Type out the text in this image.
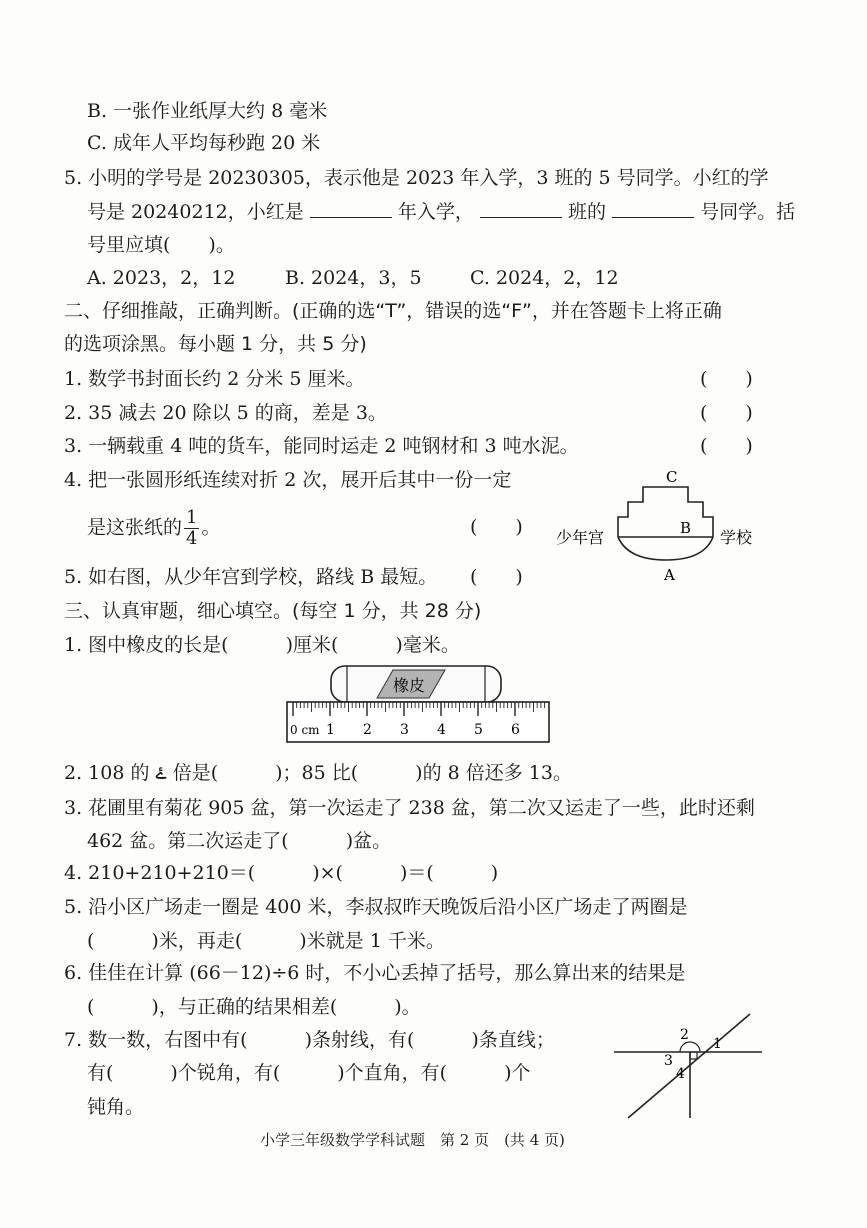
B. 一张作业纸厚大约 8 毫米
C. 成年人平均每秒跑 20 米
5. 小明的学号是 20230305，表示他是 2023 年入学，3 班的 5 号同学。小红的学
号是 20240212，小红是	年入学，	班的	号同学。括
号里应填(　　)。
A. 2023，2，12	B. 2024，3，5	C. 2024，2，12
二、仔细推敲，正确判断。(正确的选“T”，错误的选“F”，并在答题卡上将正确
的选项涂黑。每小题 1 分，共 5 分)
1. 数学书封面长约 2 分米 5 厘米。	(　　)
2. 35 减去 20 除以 5 的商，差是 3。	(　　)
3. 一辆载重 4 吨的货车，能同时运走 2 吨钢材和 3 吨水泥。	(　　)
4. 把一张圆形纸连续对折 2 次，展开后其中一份一定
是这张纸的 $\frac{1}{4}$ 。	(　　)
5. 如右图，从少年宫到学校，路线 B 最短。 (　　)
C
B
A
少年宫	学校
三、认真审题，细心填空。(每空 1 分，共 28 分)
1. 图中橡皮的长是(　　　)厘米(　　　)毫米。
橡皮
0 cm 1 2 3 4 5 6
2. 108 的 ۓ 倍是(　　　)；85 比(　　　)的 8 倍还多 13。
3. 花圃里有菊花 905 盆，第一次运走了 238 盆，第二次又运走了一些，此时还剩
462 盆。第二次运走了(　　　)盆。
4. 210+210+210＝(　　　)×(　　　)＝(　　　)
5. 沿小区广场走一圈是 400 米，李叔叔昨天晚饭后沿小区广场走了两圈是
(　　　)米，再走(　　　)米就是 1 千米。
6. 佳佳在计算 (66－12)÷6 时，不小心丢掉了括号，那么算出来的结果是
(　　　)，与正确的结果相差(　　　)。
7. 数一数，右图中有(　　　)条射线，有(　　　)条直线；
有(　　　)个锐角，有(　　　)个直角，有(　　　)个
钝角。
1
2
3
4
小学三年级数学学科试题　第 2 页　(共 4 页)
